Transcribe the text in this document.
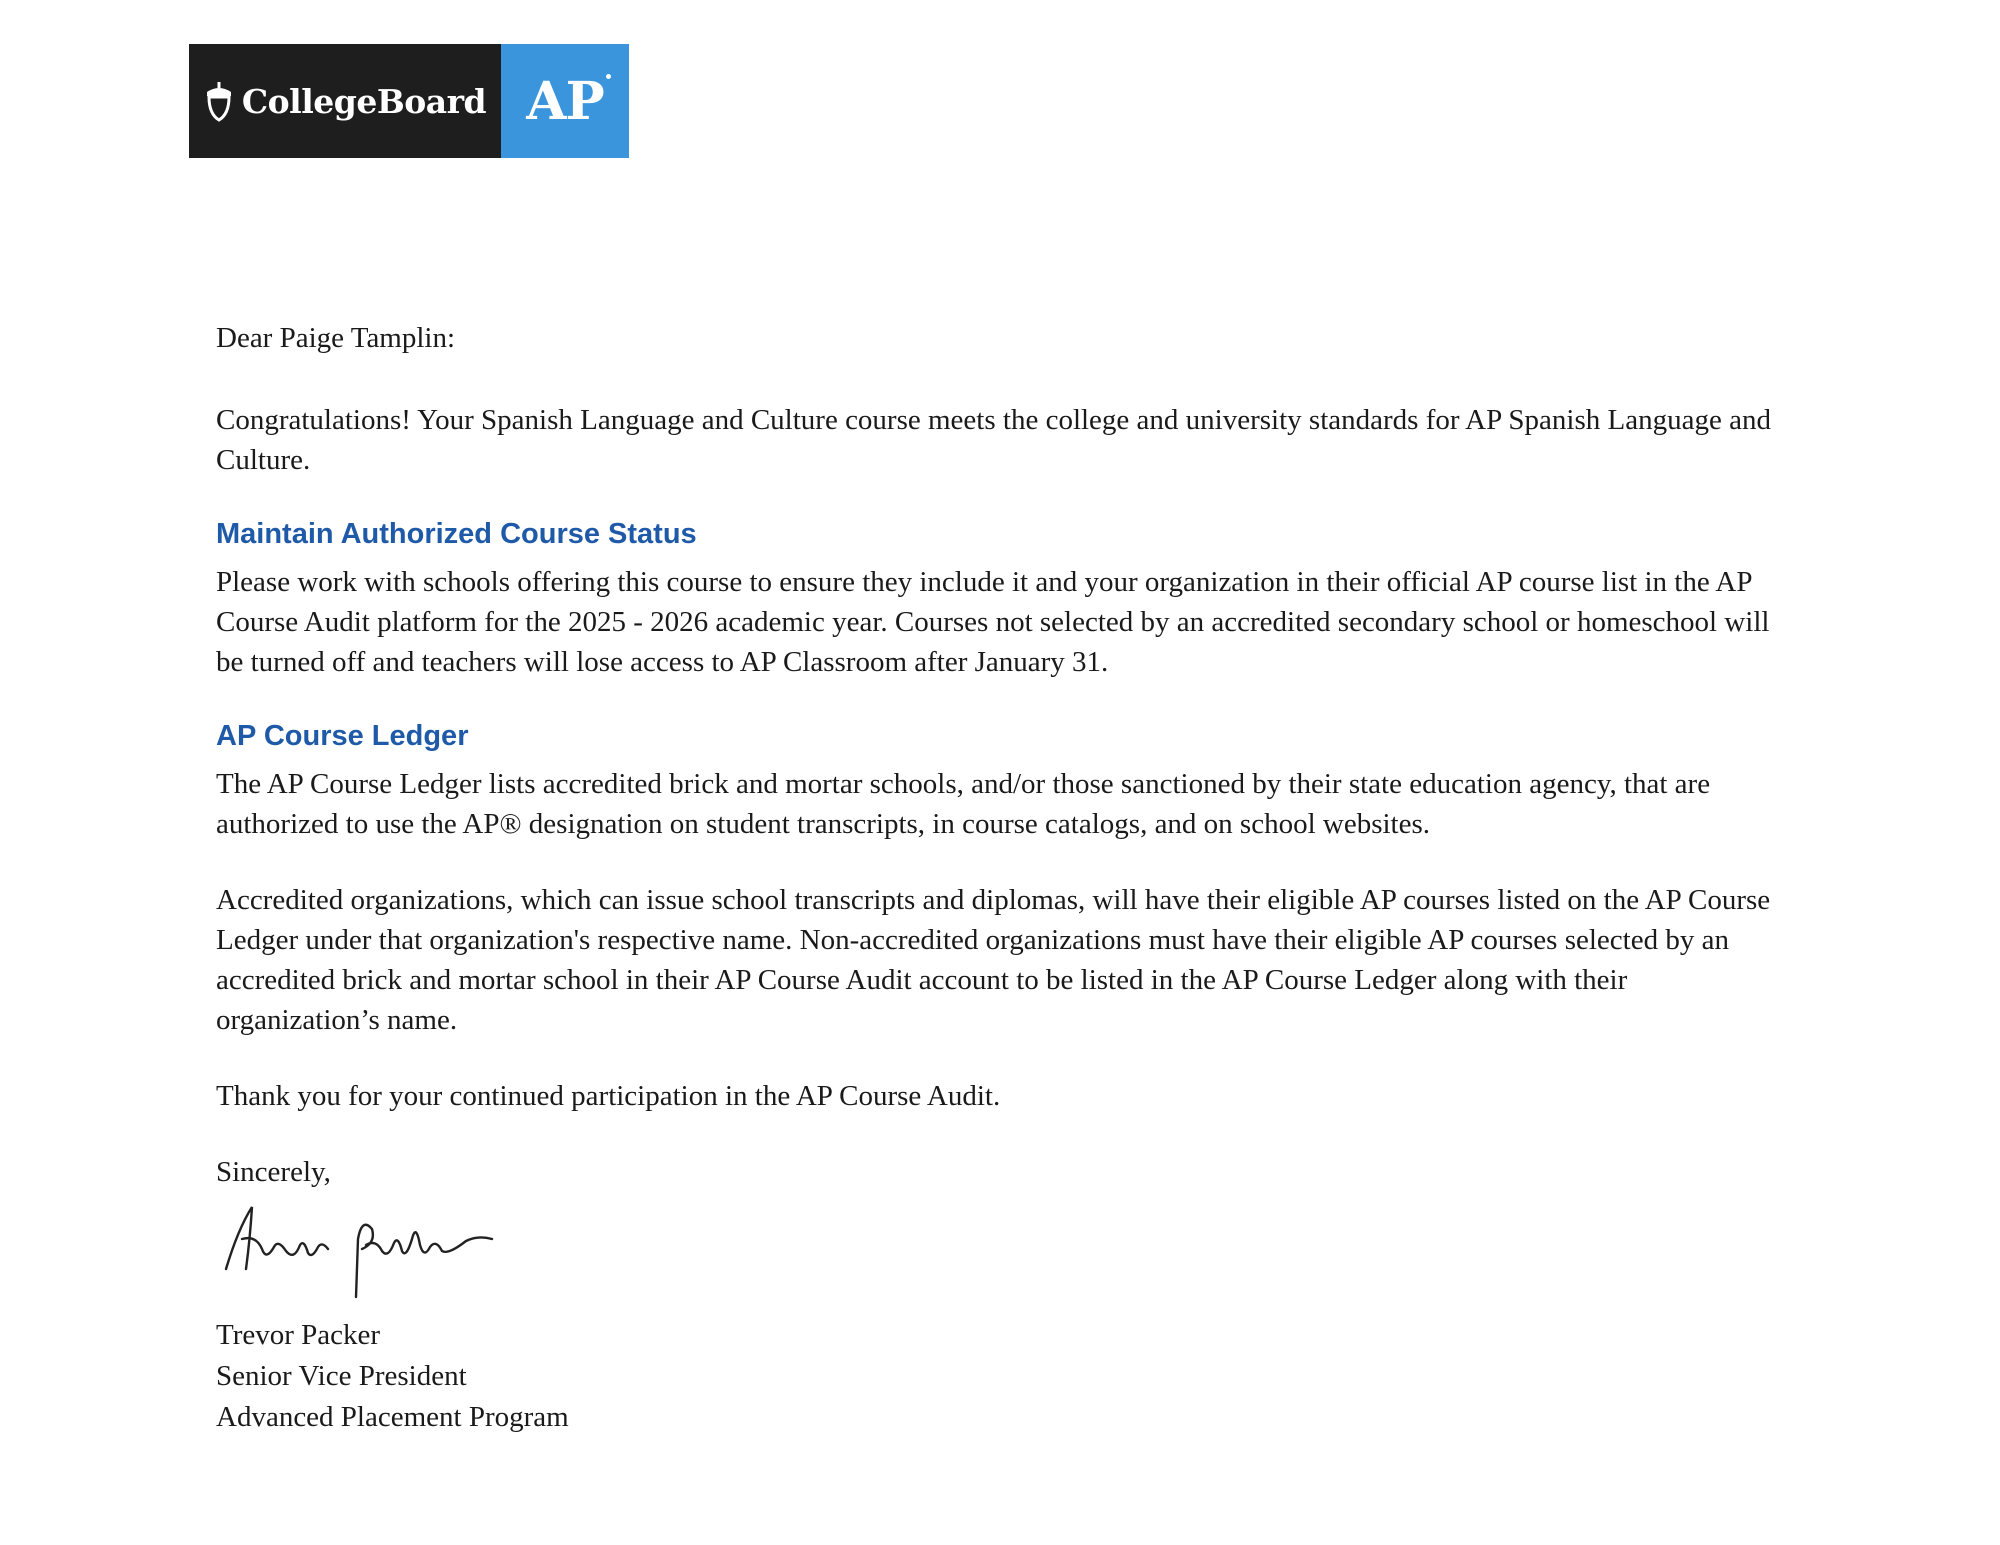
CollegeBoard AP

Dear Paige Tamplin:

Congratulations! Your Spanish Language and Culture course meets the college and university standards for AP Spanish Language and Culture.

Maintain Authorized Course Status

Please work with schools offering this course to ensure they include it and your organization in their official AP course list in the AP Course Audit platform for the 2025 - 2026 academic year. Courses not selected by an accredited secondary school or homeschool will be turned off and teachers will lose access to AP Classroom after January 31.

AP Course Ledger

The AP Course Ledger lists accredited brick and mortar schools, and/or those sanctioned by their state education agency, that are authorized to use the AP® designation on student transcripts, in course catalogs, and on school websites.

Accredited organizations, which can issue school transcripts and diplomas, will have their eligible AP courses listed on the AP Course Ledger under that organization's respective name. Non-accredited organizations must have their eligible AP courses selected by an accredited brick and mortar school in their AP Course Audit account to be listed in the AP Course Ledger along with their organization’s name.

Thank you for your continued participation in the AP Course Audit.

Sincerely,

Trevor Packer

Senior Vice President

Advanced Placement Program
